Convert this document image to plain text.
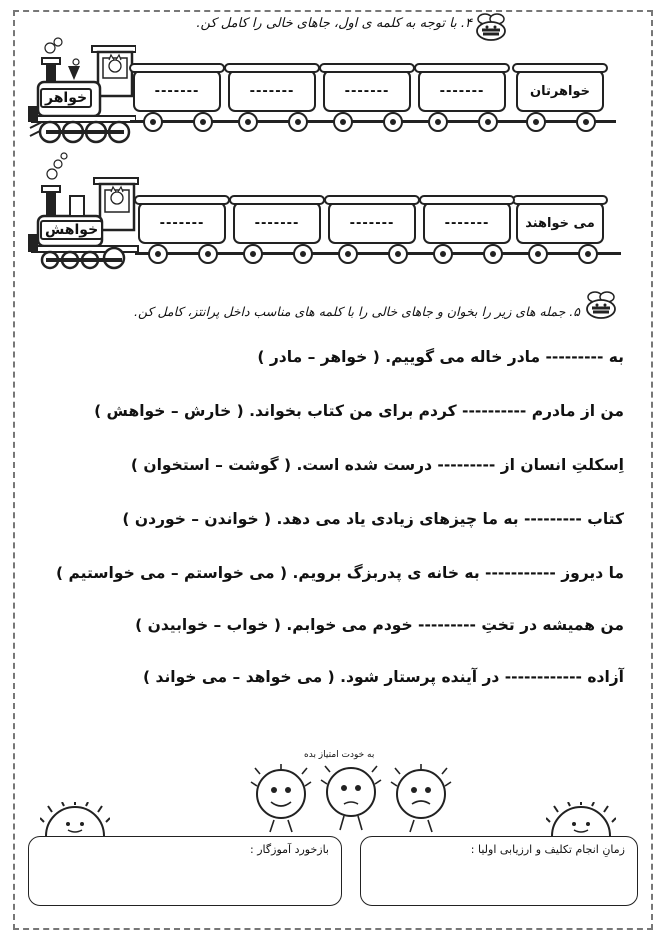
۴. با توجه به کلمه ی اول، جاهای خالی را کامل کن.
خواهر	خواهرتان
-------
-------
-------
-------
خواهش	می خواهند
-------
-------
-------
-------
۵. جمله های زیر را بخوان و جاهای خالی را با کلمه های مناسب داخل پرانتز، کامل کن.
به --------- مادر خاله می گوییم. ( خواهر – مادر )
من از مادرم ---------- کردم برای من کتاب بخواند. ( خارش – خواهش )
اِسکلتِ انسان از --------- درست شده است. ( گوشت – استخوان )
کتاب --------- به ما چیزهای زیادی یاد می دهد. ( خواندن – خوردن )
ما دیروز ----------- به خانه ی پدربزگ برویم. ( می خواستم – می خواستیم )
من همیشه در تختِ --------- خودم می خوابم. ( خواب – خوابیدن )
آزاده ------------ در آینده پرستار شود. ( می خواهد – می خواند )
به خودت امتیاز بده
بازخورد آموزگار :	زمانِ انجام تکلیف و ارزیابی اولیا :
